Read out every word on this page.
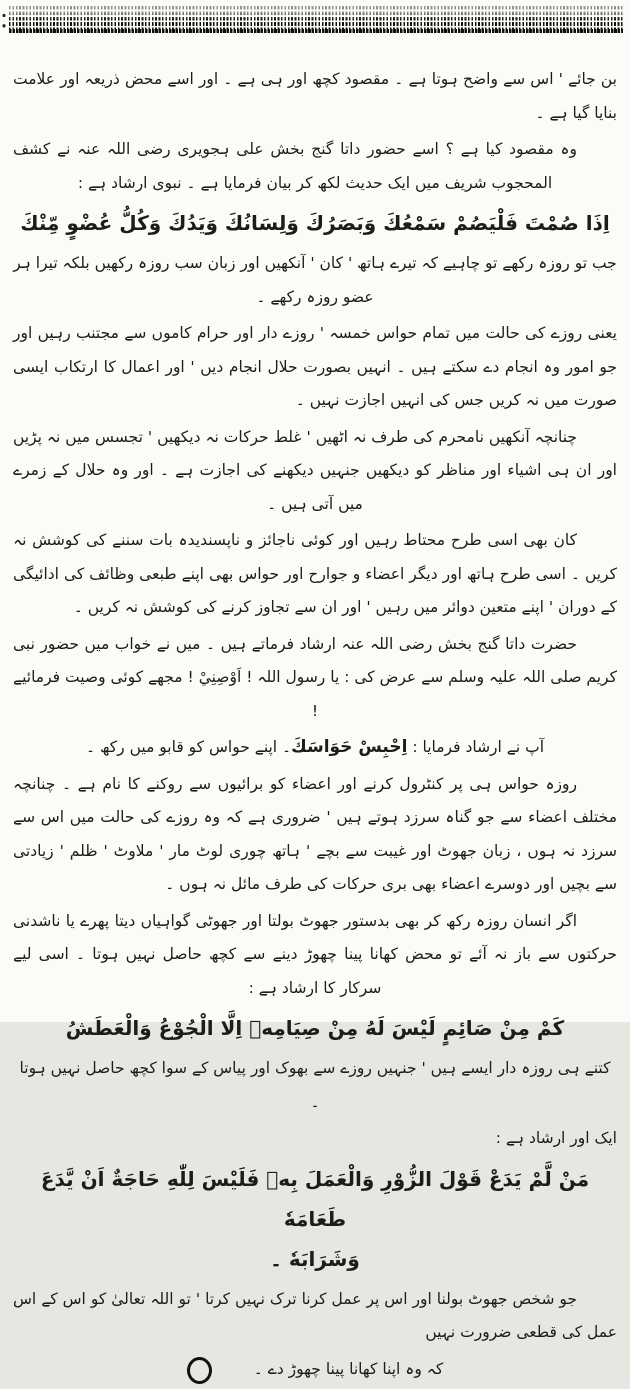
بن جائے ' اس سے واضح ہوتا ہے ۔ مقصود کچھ اور ہی ہے ۔ اور اسے محض ذریعہ اور علامت بنایا گیا ہے ۔

وہ مقصود کیا ہے ؟ اسے حضور داتا گنج بخش علی ہجویری رضی اللہ عنہ نے کشف المحجوب شریف میں ایک حدیث لکھ کر بیان فرمایا ہے ۔ نبوی ارشاد ہے :

اِذَا صُمْتَ فَلْيَصُمْ سَمْعُكَ وَبَصَرُكَ وَلِسَانُكَ وَيَدُكَ وَكُلُّ عُضْوٍ مِّنْكَ

جب تو روزہ رکھے تو چاہیے کہ تیرے ہاتھ ' کان ' آنکھیں اور زبان سب روزہ رکھیں بلکہ تیرا ہر عضو روزہ رکھے ۔

یعنی روزے کی حالت میں تمام حواس خمسہ ' روزے دار اور حرام کاموں سے مجتنب رہیں اور جو امور وہ انجام دے سکتے ہیں ۔ انہیں بصورت حلال انجام دیں ' اور اعمال کا ارتکاب ایسی صورت میں نہ کریں جس کی انہیں اجازت نہیں ۔

چنانچہ آنکھیں نامحرم کی طرف نہ اٹھیں ' غلط حرکات نہ دیکھیں ' تجسس میں نہ پڑیں اور ان ہی اشیاء اور مناظر کو دیکھیں جنہیں دیکھنے کی اجازت ہے ۔ اور وہ حلال کے زمرے میں آتی ہیں ۔

کان بھی اسی طرح محتاط رہیں اور کوئی ناجائز و ناپسندیدہ بات سننے کی کوشش نہ کریں ۔ اسی طرح ہاتھ اور دیگر اعضاء و جوارح اور حواس بھی اپنے طبعی وظائف کی ادائیگی کے دوران ' اپنے متعین دوائر میں رہیں ' اور ان سے تجاوز کرنے کی کوشش نہ کریں ۔

حضرت داتا گنج بخش رضی اللہ عنہ ارشاد فرماتے ہیں ۔ میں نے خواب میں حضور نبی کریم صلی اللہ علیہ وسلم سے عرض کی : یا رسول اللہ ! اَوْصِنِيْ ! مجھے کوئی وصیت فرمائیے !

آپ نے ارشاد فرمایا : اِحْبِسْ حَوَاسَكَ۔ اپنے حواس کو قابو میں رکھ ۔

روزہ حواس ہی پر کنٹرول کرنے اور اعضاء کو برائیوں سے روکنے کا نام ہے ۔ چنانچہ مختلف اعضاء سے جو گناہ سرزد ہوتے ہیں ' ضروری ہے کہ وہ روزے کی حالت میں اس سے سرزد نہ ہوں ، زبان جھوٹ اور غیبت سے بچے ' ہاتھ چوری لوٹ مار ' ملاوٹ ' ظلم ' زیادتی سے بچیں اور دوسرے اعضاء بھی بری حرکات کی طرف مائل نہ ہوں ۔

اگر انسان روزہ رکھ کر بھی بدستور جھوٹ بولتا اور جھوٹی گواہیاں دیتا پھرے یا ناشدنی حرکتوں سے باز نہ آئے تو محض کھانا پینا چھوڑ دینے سے کچھ حاصل نہیں ہوتا ۔ اسی لیے سرکار کا ارشاد ہے :

كَمْ مِنْ صَائِمٍ لَيْسَ لَهُ مِنْ صِيَامِهٖ اِلَّا الْجُوْعُ وَالْعَطَشُ

کتنے ہی روزہ دار ایسے ہیں ' جنہیں روزے سے بھوک اور پیاس کے سوا کچھ حاصل نہیں ہوتا ۔

ایک اور ارشاد ہے :

مَنْ لَّمْ يَدَعْ قَوْلَ الزُّوْرِ وَالْعَمَلَ بِهٖ فَلَيْسَ لِلّٰهِ حَاجَةٌ اَنْ يَّدَعَ طَعَامَهٗ
وَشَرَابَهٗ ۔

جو شخص جھوٹ بولنا اور اس پر عمل کرنا ترک نہیں کرتا ' تو اللہ تعالیٰ کو اس کے اس عمل کی قطعی ضرورت نہیں

کہ وہ اپنا کھانا پینا چھوڑ دے ۔
